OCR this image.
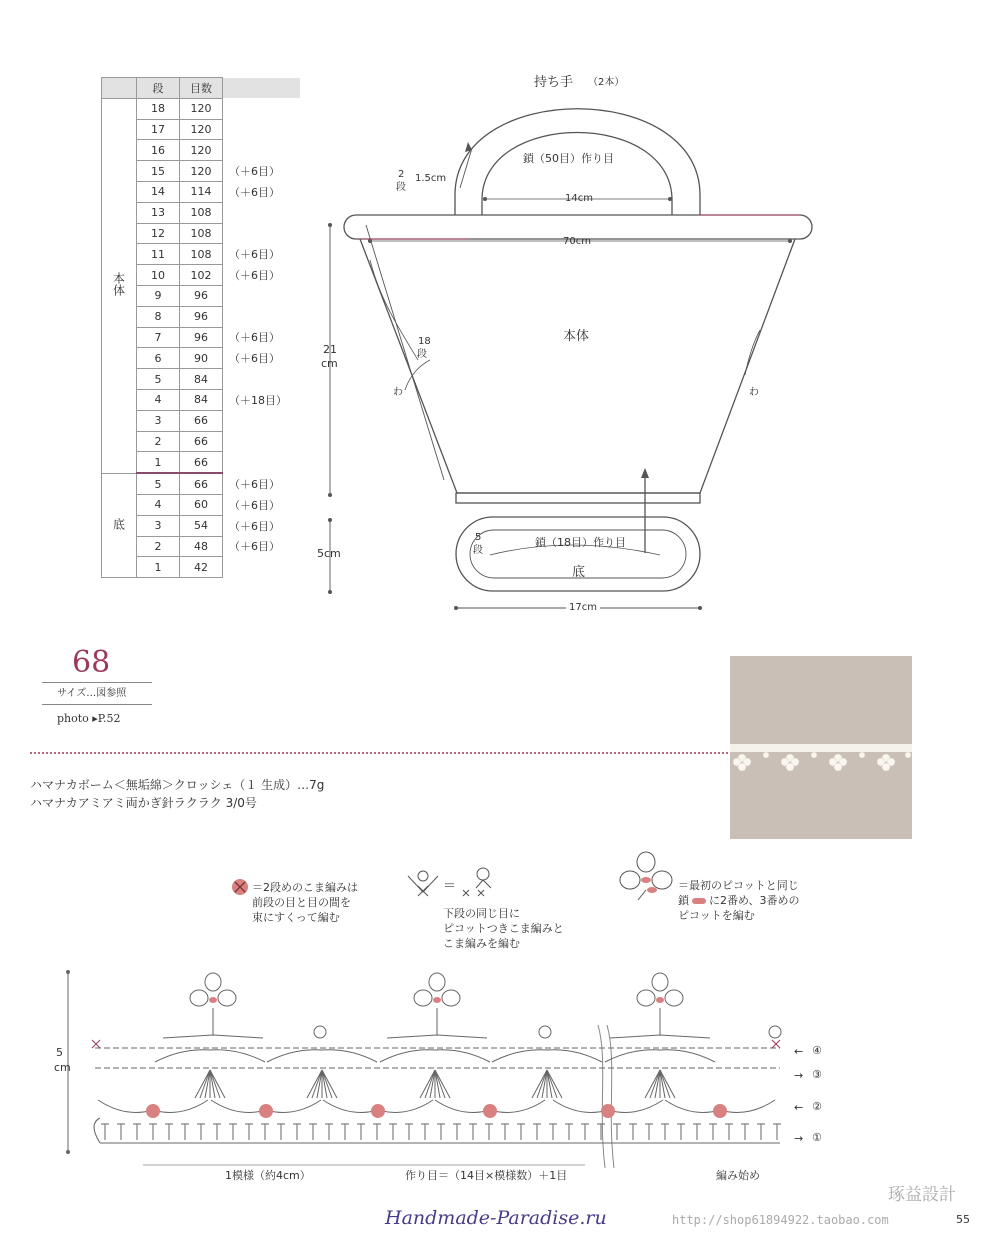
	段	目数	
本体	18	120	
	17	120	
	16	120	
	15	120	（＋6目）
	14	114	（＋6目）
	13	108	
	12	108	
	11	108	（＋6目）
	10	102	（＋6目）
	9	96	
	8	96	
	7	96	（＋6目）
	6	90	（＋6目）
	5	84	
	4	84	（＋18目）
	3	66	
	2	66	
	1	66	
底	5	66	（＋6目）
	4	60	（＋6目）
	3	54	（＋6目）
	2	48	（＋6目）
	1	42	
持ち手 （2本）
鎖（50目）作り目
2
段
1.5cm
14cm
70cm
本体
18
段
21
cm
わ	わ
5
段
鎖（18目）作り目
底
5cm
17cm
68
サイズ…図参照
photo ▸P.52
ハマナカボーム＜無垢綿＞クロッシェ（１ 生成）…7g
ハマナカアミアミ両かぎ針ラクラク 3/0号
＝2段めのこま編みは
前段の目と目の間を
束にすくって編む
＝
下段の同じ目に
ピコットつきこま編みと
こま編みを編む
＝最初のピコットと同じ
鎖 に2番め、3番めの
ピコットを編む
5
cm
← ④
→ ③
← ②
→ ①
1模様（約4cm）	作り目＝（14目×模様数）＋1目	編み始め
琢益設計
Handmade-Paradise.ru	http://shop61894922.taobao.com	55
